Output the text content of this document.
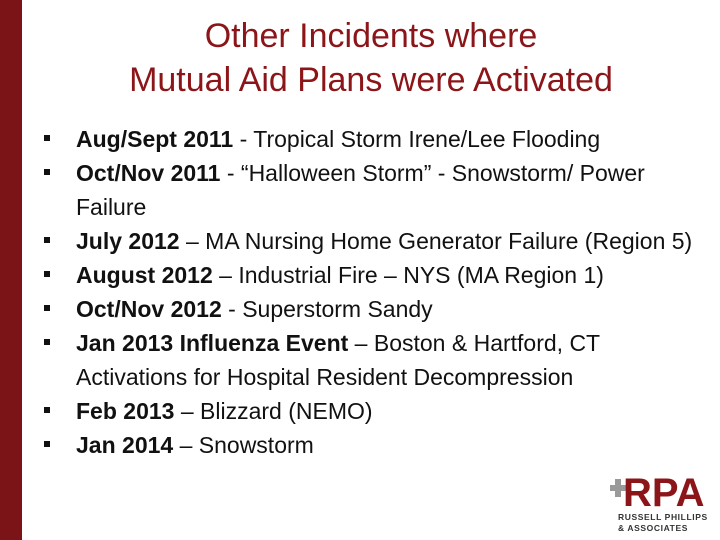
Other Incidents where
Mutual Aid Plans were Activated
Aug/Sept 2011 - Tropical Storm Irene/Lee Flooding
Oct/Nov 2011 - “Halloween Storm” - Snowstorm/ Power Failure
July 2012 – MA Nursing Home Generator Failure (Region 5)
August 2012 – Industrial Fire – NYS (MA Region 1)
Oct/Nov 2012 - Superstorm Sandy
Jan 2013 Influenza Event – Boston & Hartford, CT Activations for Hospital Resident Decompression
Feb 2013 – Blizzard (NEMO)
Jan 2014 – Snowstorm
RPA
RUSSELL PHILLIPS
& ASSOCIATES
